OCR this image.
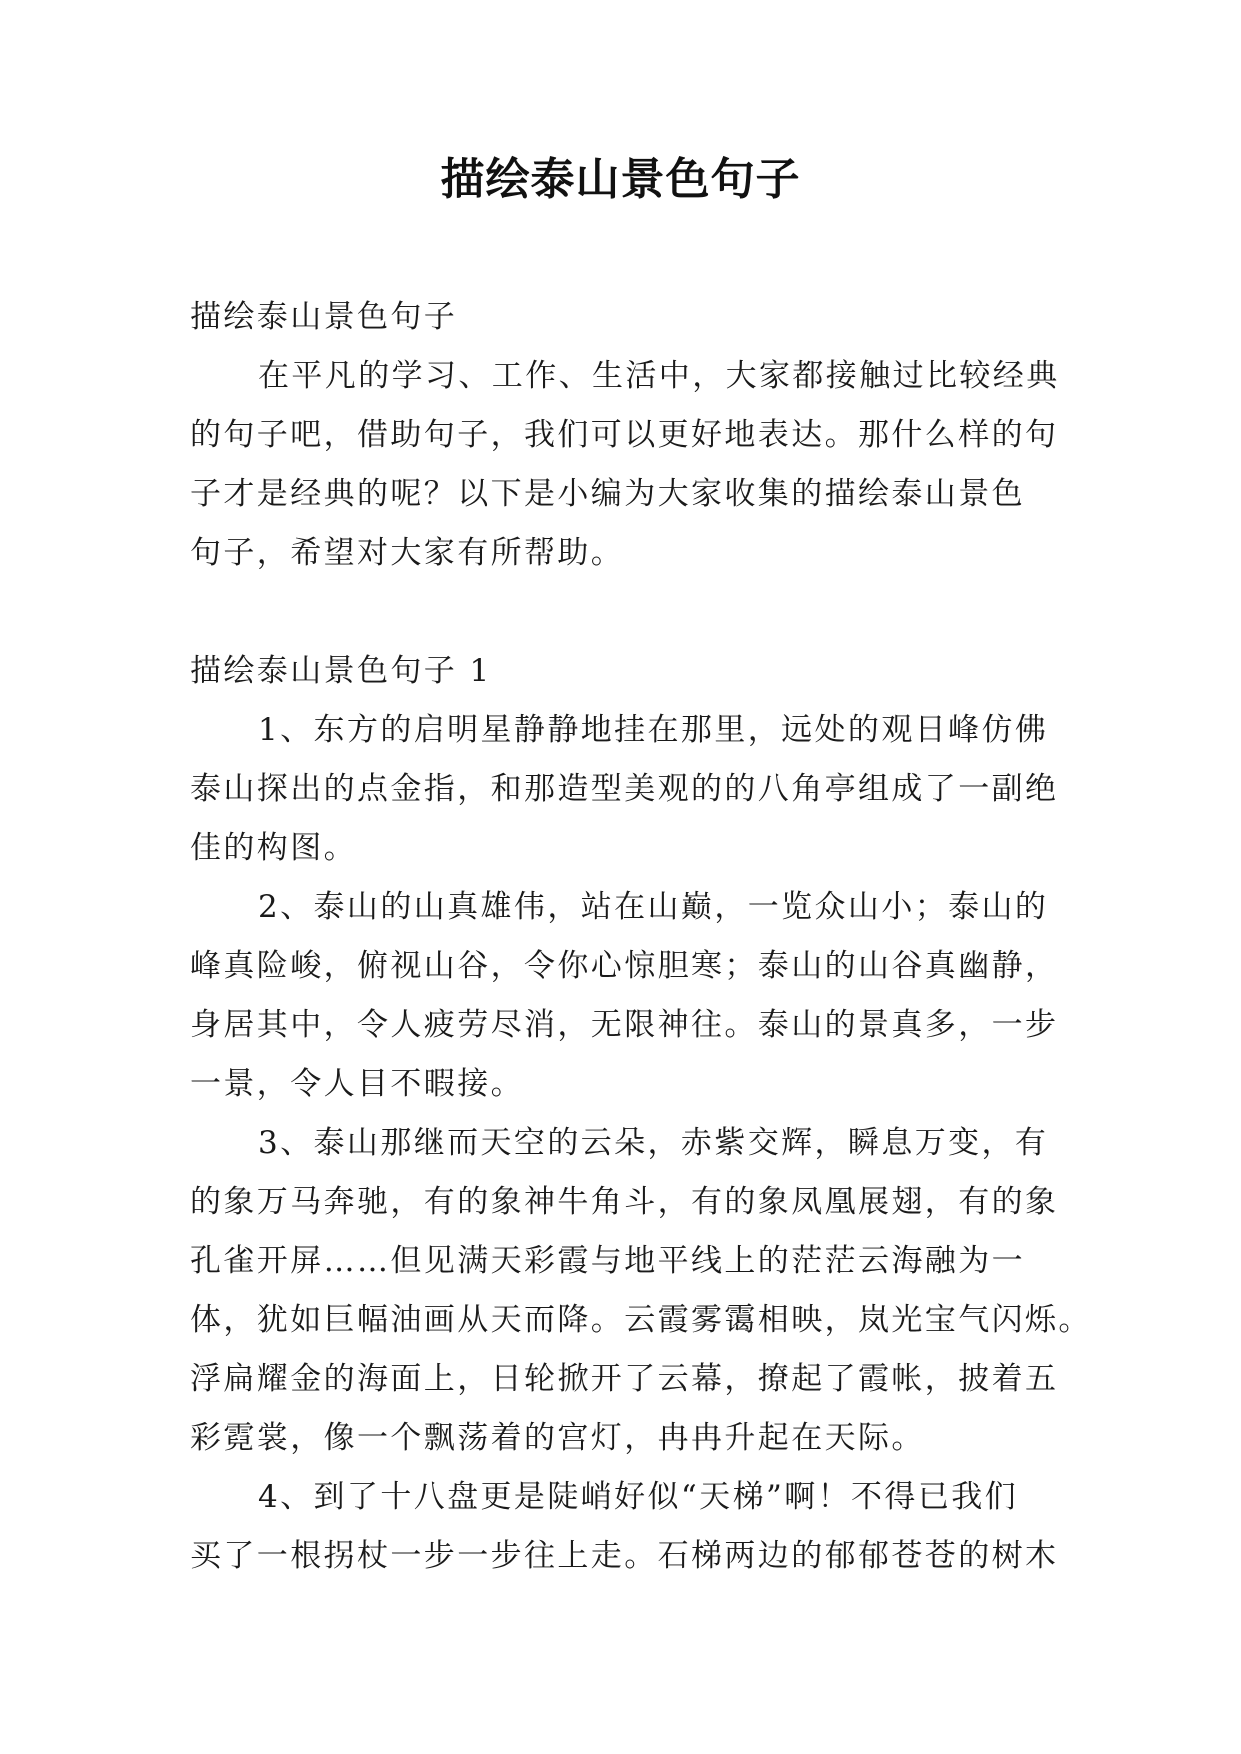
描绘泰山景色句子
描绘泰山景色句子
在平凡的学习、工作、生活中，大家都接触过比较经典
的句子吧，借助句子，我们可以更好地表达。那什么样的句
子才是经典的呢？以下是小编为大家收集的描绘泰山景色
句子，希望对大家有所帮助。
描绘泰山景色句子 1
1、东方的启明星静静地挂在那里，远处的观日峰仿佛
泰山探出的点金指，和那造型美观的的八角亭组成了一副绝
佳的构图。
2、泰山的山真雄伟，站在山巅，一览众山小；泰山的
峰真险峻，俯视山谷，令你心惊胆寒；泰山的山谷真幽静，
身居其中，令人疲劳尽消，无限神往。泰山的景真多，一步
一景，令人目不暇接。
3、泰山那继而天空的云朵，赤紫交辉，瞬息万变，有
的象万马奔驰，有的象神牛角斗，有的象凤凰展翅，有的象
孔雀开屏……但见满天彩霞与地平线上的茫茫云海融为一
体，犹如巨幅油画从天而降。云霞雾霭相映，岚光宝气闪烁。
浮扁耀金的海面上，日轮掀开了云幕，撩起了霞帐，披着五
彩霓裳，像一个飘荡着的宫灯，冉冉升起在天际。
4、到了十八盘更是陡峭好似“天梯”啊！不得已我们
买了一根拐杖一步一步往上走。石梯两边的郁郁苍苍的树木
